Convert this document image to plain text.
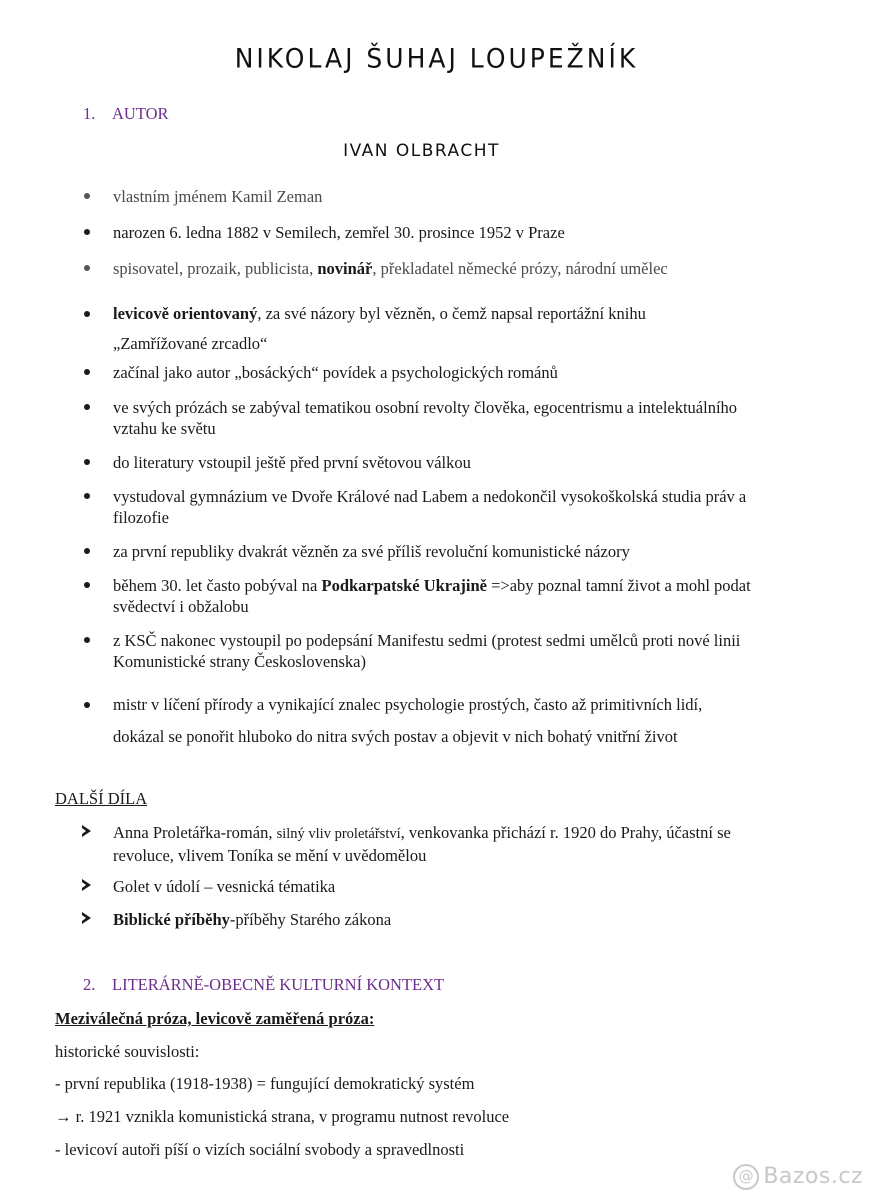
NIKOLAJ ŠUHAJ LOUPEŽNÍK
1. AUTOR
IVAN OLBRACHT
vlastním jménem Kamil Zeman
narozen 6. ledna 1882 v Semilech, zemřel 30. prosince 1952 v Praze
spisovatel, prozaik, publicista, novinář, překladatel německé prózy, národní umělec
levicově orientovaný, za své názory byl vězněn, o čemž napsal reportážní knihu
„Zamřížované zrcadlo“
začínal jako autor „bosáckých“ povídek a psychologických románů
ve svých prózách se zabýval tematikou osobní revolty člověka, egocentrismu a intelektuálního vztahu ke světu
do literatury vstoupil ještě před první světovou válkou
vystudoval gymnázium ve Dvoře Králové nad Labem a nedokončil vysokoškolská studia práv a filozofie
za první republiky dvakrát vězněn za své příliš revoluční komunistické názory
během 30. let často pobýval na Podkarpatské Ukrajině =>aby poznal tamní život a mohl podat svědectví i obžalobu
z KSČ nakonec vystoupil po podepsání Manifestu sedmi (protest sedmi umělců proti nové linii Komunistické strany Československa)
mistr v líčení přírody a vynikající znalec psychologie prostých, často až primitivních lidí,
dokázal se ponořit hluboko do nitra svých postav a objevit v nich bohatý vnitřní život
DALŠÍ DÍLA
Anna Proletářka-román, silný vliv proletářství, venkovanka přichází r. 1920 do Prahy, účastní se revoluce, vlivem Toníka se mění v uvědomělou
Golet v údolí – vesnická tématika
Biblické příběhy-příběhy Starého zákona
2. LITERÁRNĚ-OBECNĚ KULTURNÍ KONTEXT
Meziválečná próza, levicově zaměřená próza:
historické souvislosti:
- první republika (1918-1938) = fungující demokratický systém
→ r. 1921 vznikla komunistická strana, v programu nutnost revoluce
- levicoví autoři píší o vizích sociální svobody a spravedlnosti
@ Bazos.cz
